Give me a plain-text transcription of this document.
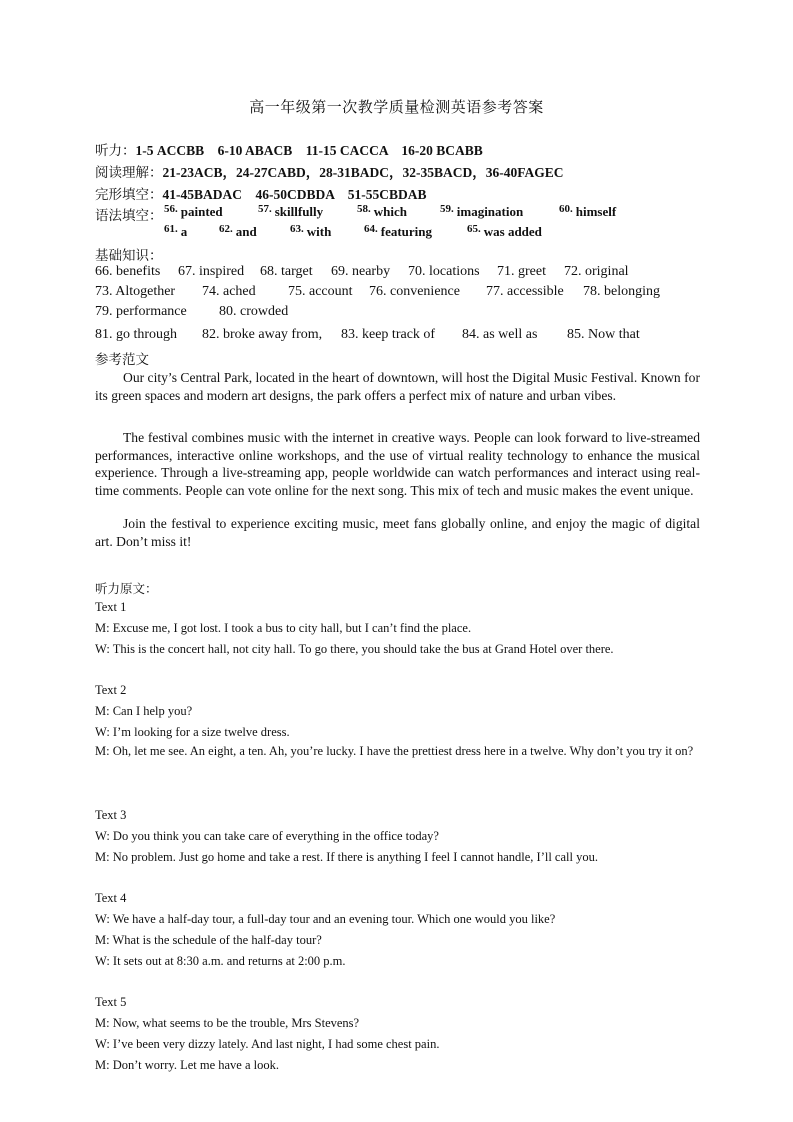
高一年级第一次教学质量检测英语参考答案
听力：1-5 ACCBB    6-10 ABACB    11-15 CACCA    16-20 BCABB
阅读理解：21-23ACB，24-27CABD，28-31BADC，32-35BACD，36-40FAGEC
完形填空：41-45BADAC    46-50CDBDA    51-55CBDAB
语法填空： $^{56.}$ painted	$^{57.}$ skillfully	$^{58.}$ which	$^{59.}$ imagination	$^{60.}$ himself
$^{61.}$ a	$^{62.}$ and	$^{63.}$ with	$^{64.}$ featuring	$^{65.}$ was added
基础知识：
66. benefits 67. inspired 68. target 69. nearby 70. locations 71. greet 72. original
73. Altogether 74. ached 75. account 76. convenience 77. accessible 78. belonging
79. performance 80. crowded
81. go through 82. broke away from, 83. keep track of 84. as well as 85. Now that
参考范文

Our city’s Central Park, located in the heart of downtown, will host the Digital Music Festival. Known for its green spaces and modern art designs, the park offers a perfect mix of nature and urban vibes.

The festival combines music with the internet in creative ways. People can look forward to live-streamed performances, interactive online workshops, and the use of virtual reality technology to enhance the musical experience. Through a live-streaming app, people worldwide can watch performances and interact using real-time comments. People can vote online for the next song. This mix of tech and music makes the event unique.

Join the festival to experience exciting music, meet fans globally online, and enjoy the magic of digital art. Don’t miss it!

听力原文：
Text 1
M: Excuse me, I got lost. I took a bus to city hall, but I can’t find the place.
W: This is the concert hall, not city hall. To go there, you should take the bus at Grand Hotel over there.
Text 2
M: Can I help you?
W: I’m looking for a size twelve dress.

M: Oh, let me see. An eight, a ten. Ah, you’re lucky. I have the prettiest dress here in a twelve. Why don’t you try it on?

Text 3
W: Do you think you can take care of everything in the office today?
M: No problem. Just go home and take a rest. If there is anything I feel I cannot handle, I’ll call you.
Text 4
W: We have a half-day tour, a full-day tour and an evening tour. Which one would you like?
M: What is the schedule of the half-day tour?
W: It sets out at 8:30 a.m. and returns at 2:00 p.m.
Text 5
M: Now, what seems to be the trouble, Mrs Stevens?
W: I’ve been very dizzy lately. And last night, I had some chest pain.
M: Don’t worry. Let me have a look.
